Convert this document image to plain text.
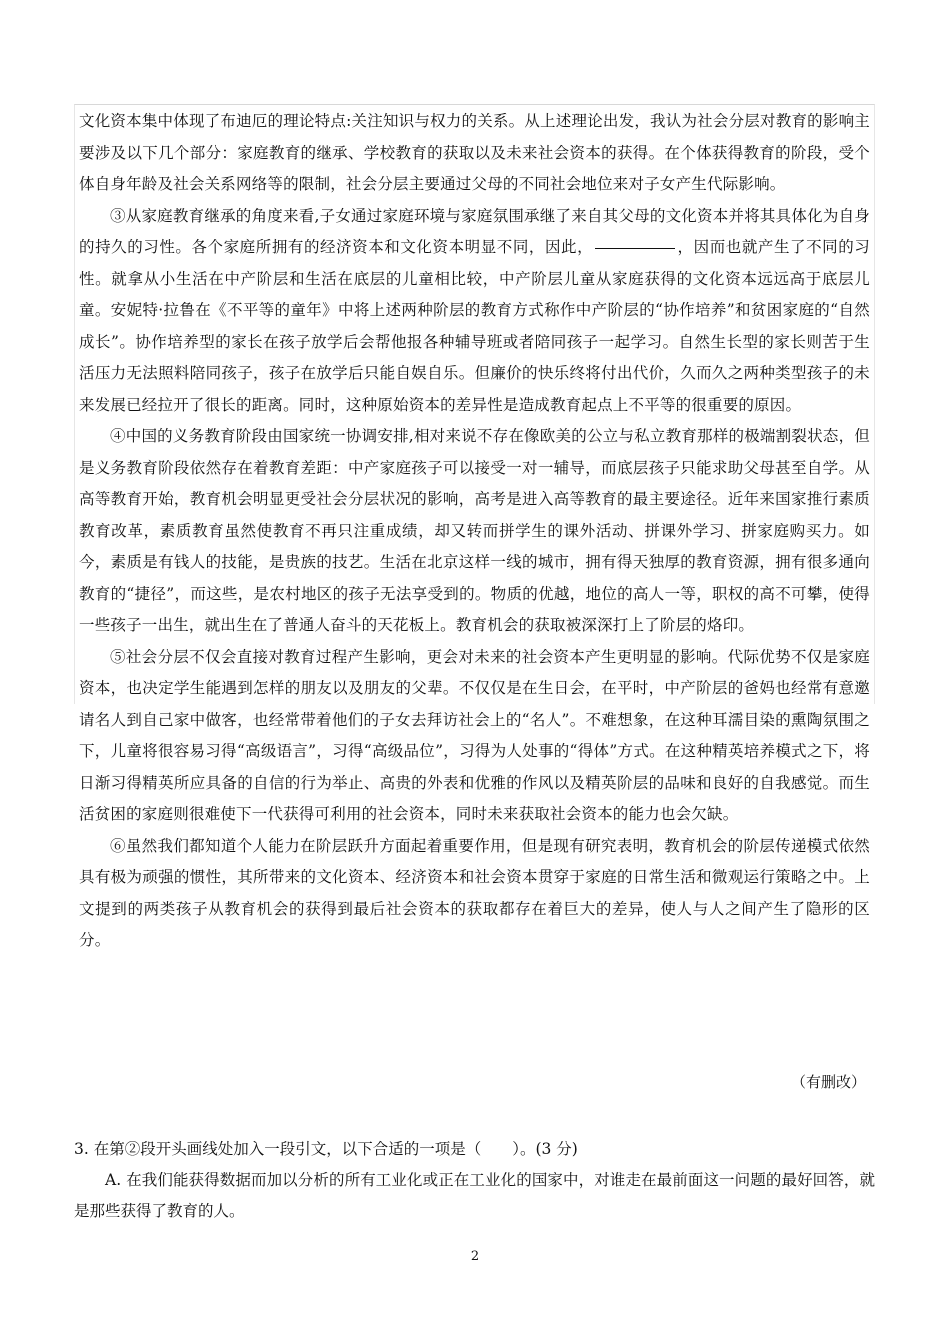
文化资本集中体现了布迪厄的理论特点:关注知识与权力的关系。从上述理论出发，我认为社会分层对教育的影响主要涉及以下几个部分：家庭教育的继承、学校教育的获取以及未来社会资本的获得。在个体获得教育的阶段，受个体自身年龄及社会关系网络等的限制，社会分层主要通过父母的不同社会地位来对子女产生代际影响。

③从家庭教育继承的角度来看,子女通过家庭环境与家庭氛围承继了来自其父母的文化资本并将其具体化为自身的持久的习性。各个家庭所拥有的经济资本和文化资本明显不同，因此，	，因而也就产生了不同的习性。就拿从小生活在中产阶层和生活在底层的儿童相比较，中产阶层儿童从家庭获得的文化资本远远高于底层儿童。安妮特·拉鲁在《不平等的童年》中将上述两种阶层的教育方式称作中产阶层的“协作培养”和贫困家庭的“自然成长”。协作培养型的家长在孩子放学后会帮他报各种辅导班或者陪同孩子一起学习。自然生长型的家长则苦于生活压力无法照料陪同孩子，孩子在放学后只能自娱自乐。但廉价的快乐终将付出代价，久而久之两种类型孩子的未来发展已经拉开了很长的距离。同时，这种原始资本的差异性是造成教育起点上不平等的很重要的原因。

④中国的义务教育阶段由国家统一协调安排,相对来说不存在像欧美的公立与私立教育那样的极端割裂状态，但是义务教育阶段依然存在着教育差距：中产家庭孩子可以接受一对一辅导，而底层孩子只能求助父母甚至自学。从高等教育开始，教育机会明显更受社会分层状况的影响，高考是进入高等教育的最主要途径。近年来国家推行素质教育改革，素质教育虽然使教育不再只注重成绩，却又转而拼学生的课外活动、拼课外学习、拼家庭购买力。如今，素质是有钱人的技能，是贵族的技艺。生活在北京这样一线的城市，拥有得天独厚的教育资源，拥有很多通向教育的“捷径”，而这些，是农村地区的孩子无法享受到的。物质的优越，地位的高人一等，职权的高不可攀，使得一些孩子一出生，就出生在了普通人奋斗的天花板上。教育机会的获取被深深打上了阶层的烙印。

⑤社会分层不仅会直接对教育过程产生影响，更会对未来的社会资本产生更明显的影响。代际优势不仅是家庭资本，也决定学生能遇到怎样的朋友以及朋友的父辈。不仅仅是在生日会，在平时，中产阶层的爸妈也经常有意邀请名人到自己家中做客，也经常带着他们的子女去拜访社会上的“名人”。不难想象，在这种耳濡目染的熏陶氛围之下，儿童将很容易习得“高级语言”，习得“高级品位”，习得为人处事的“得体”方式。在这种精英培养模式之下，将日渐习得精英所应具备的自信的行为举止、高贵的外表和优雅的作风以及精英阶层的品味和良好的自我感觉。而生活贫困的家庭则很难使下一代获得可利用的社会资本，同时未来获取社会资本的能力也会欠缺。

⑥虽然我们都知道个人能力在阶层跃升方面起着重要作用，但是现有研究表明，教育机会的阶层传递模式依然具有极为顽强的惯性，其所带来的文化资本、经济资本和社会资本贯穿于家庭的日常生活和微观运行策略之中。上文提到的两类孩子从教育机会的获得到最后社会资本的获取都存在着巨大的差异，使人与人之间产生了隐形的区分。

（有删改）

3. 在第②段开头画线处加入一段引文，以下合适的一项是（　　）。(3 分)

A. 在我们能获得数据而加以分析的所有工业化或正在工业化的国家中，对谁走在最前面这一问题的最好回答，就是那些获得了教育的人。

2
